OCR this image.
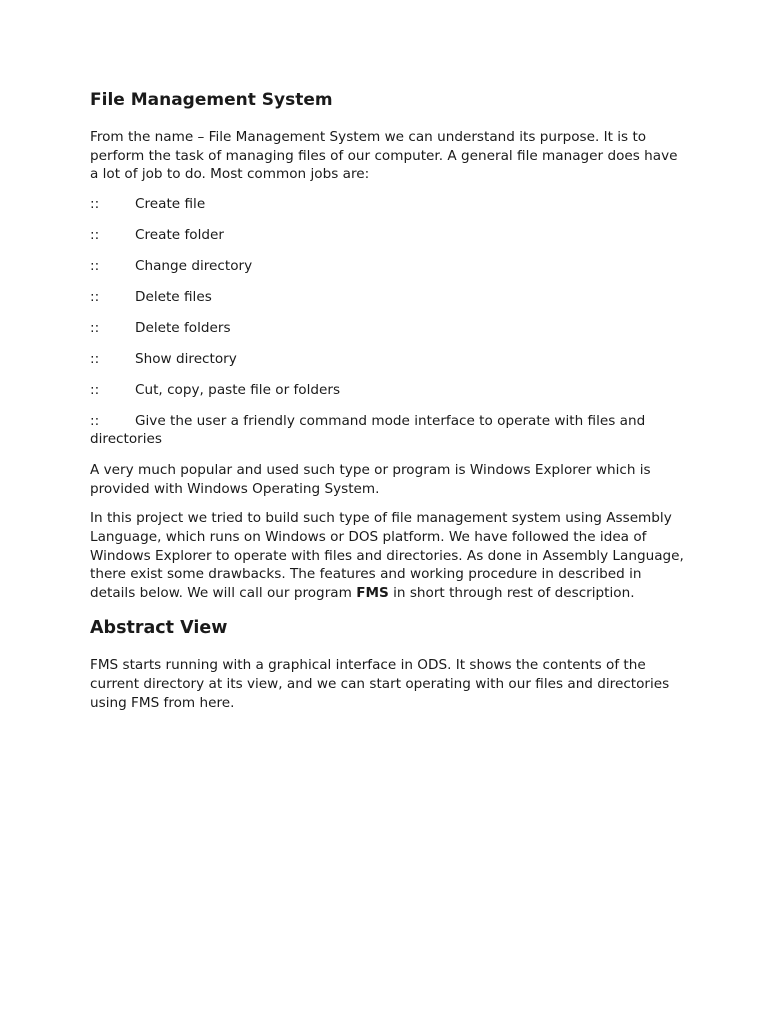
File Management System

From the name – File Management System we can understand its purpose. It is to perform the task of managing files of our computer. A general file manager does have a lot of job to do. Most common jobs are:

::	Create file
::	Create folder
::	Change directory
::	Delete files
::	Delete folders
::	Show directory
::	Cut, copy, paste file or folders
::	Give the user a friendly command mode interface to operate with files and directories

A very much popular and used such type or program is Windows Explorer which is provided with Windows Operating System.

In this project we tried to build such type of file management system using Assembly Language, which runs on Windows or DOS platform. We have followed the idea of Windows Explorer to operate with files and directories. As done in Assembly Language, there exist some drawbacks. The features and working procedure in described in details below. We will call our program FMS in short through rest of description.

Abstract View

FMS starts running with a graphical interface in ODS. It shows the contents of the current directory at its view, and we can start operating with our files and directories using FMS from here.
